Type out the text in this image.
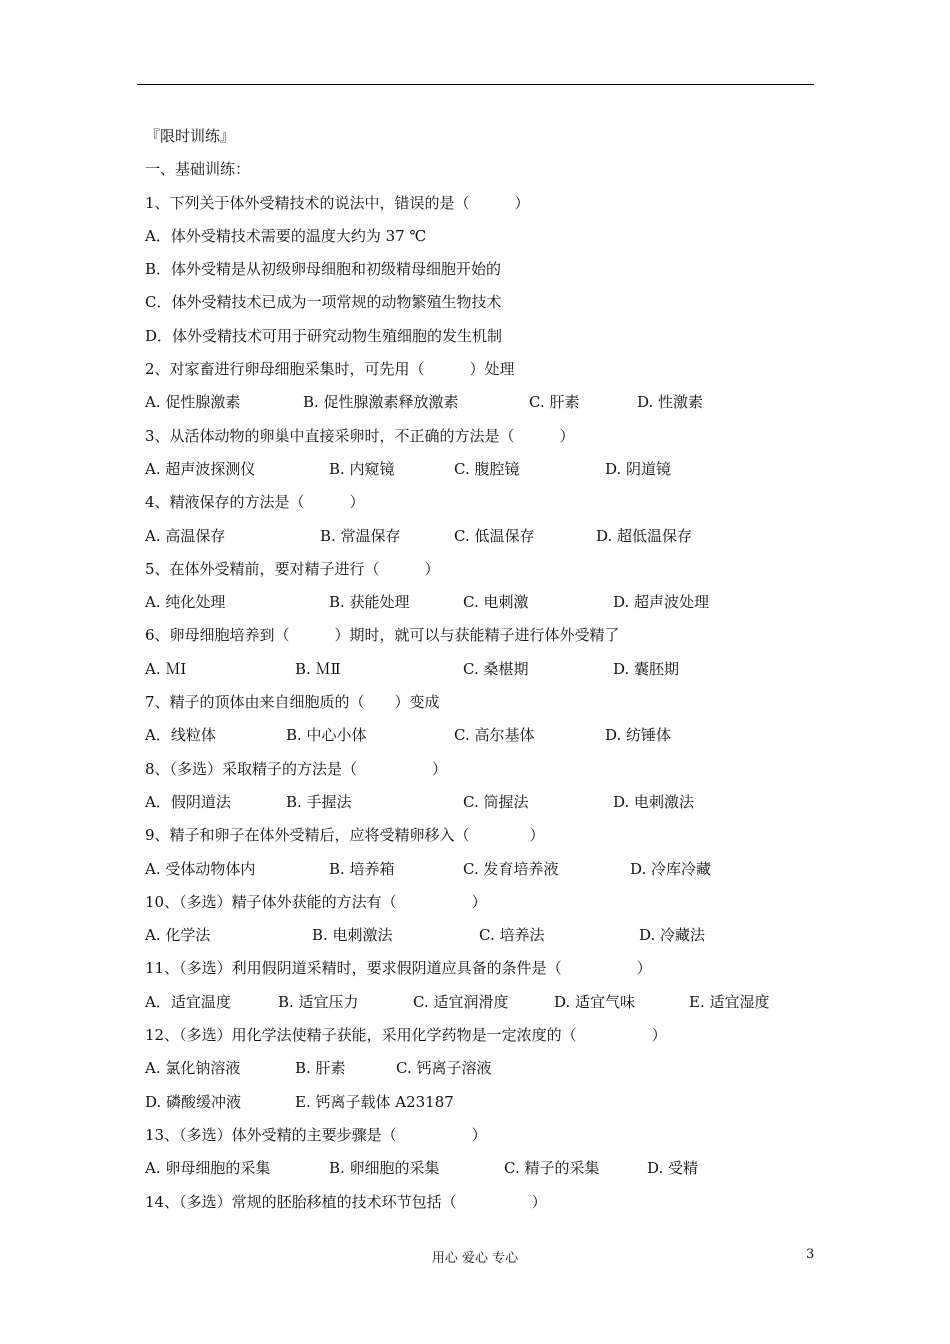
『限时训练』
一、基础训练：
1、下列关于体外受精技术的说法中，错误的是（　　　）
A．体外受精技术需要的温度大约为 37 ℃
B．体外受精是从初级卵母细胞和初级精母细胞开始的
C．体外受精技术已成为一项常规的动物繁殖生物技术
D．体外受精技术可用于研究动物生殖细胞的发生机制
2、对家畜进行卵母细胞采集时，可先用（　　　）处理
A. 促性腺激素	B. 促性腺激素释放激素	C. 肝素	D. 性激素
3、从活体动物的卵巢中直接采卵时，不正确的方法是（　　　）
A. 超声波探测仪	B. 内窥镜	C. 腹腔镜	D. 阴道镜
4、精液保存的方法是（　　　）
A. 高温保存	B. 常温保存	C. 低温保存	D. 超低温保存
5、在体外受精前，要对精子进行（　　　）
A. 纯化处理	B. 获能处理	C. 电刺激	D. 超声波处理
6、卵母细胞培养到（　　　）期时，就可以与获能精子进行体外受精了
A. ＭⅠ	B. ＭⅡ	C. 桑椹期	D. 囊胚期
7、精子的顶体由来自细胞质的（　　）变成
A．线粒体	B. 中心小体	C. 高尔基体	D. 纺锤体
8、（多选）采取精子的方法是（　　　　　）
A．假阴道法	B. 手握法	C. 筒握法	D. 电刺激法
9、精子和卵子在体外受精后，应将受精卵移入（　　　　）
A. 受体动物体内	B. 培养箱	C. 发育培养液	D. 冷库冷藏
10、（多选）精子体外获能的方法有（　　　　　）
A. 化学法	B. 电刺激法	C. 培养法	D. 冷藏法
11、（多选）利用假阴道采精时，要求假阴道应具备的条件是（　　　　　）
A．适宜温度	B. 适宜压力	C. 适宜润滑度	D. 适宜气味	E. 适宜湿度
12、（多选）用化学法使精子获能，采用化学药物是一定浓度的（　　　　　）
A. 氯化钠溶液	B. 肝素	C. 钙离子溶液
D. 磷酸缓冲液	E. 钙离子载体 A23187
13、（多选）体外受精的主要步骤是（　　　　　）
A. 卵母细胞的采集	B. 卵细胞的采集	C. 精子的采集	D. 受精
14、（多选）常规的胚胎移植的技术环节包括（　　　　　）
用心 爱心 专心	3
